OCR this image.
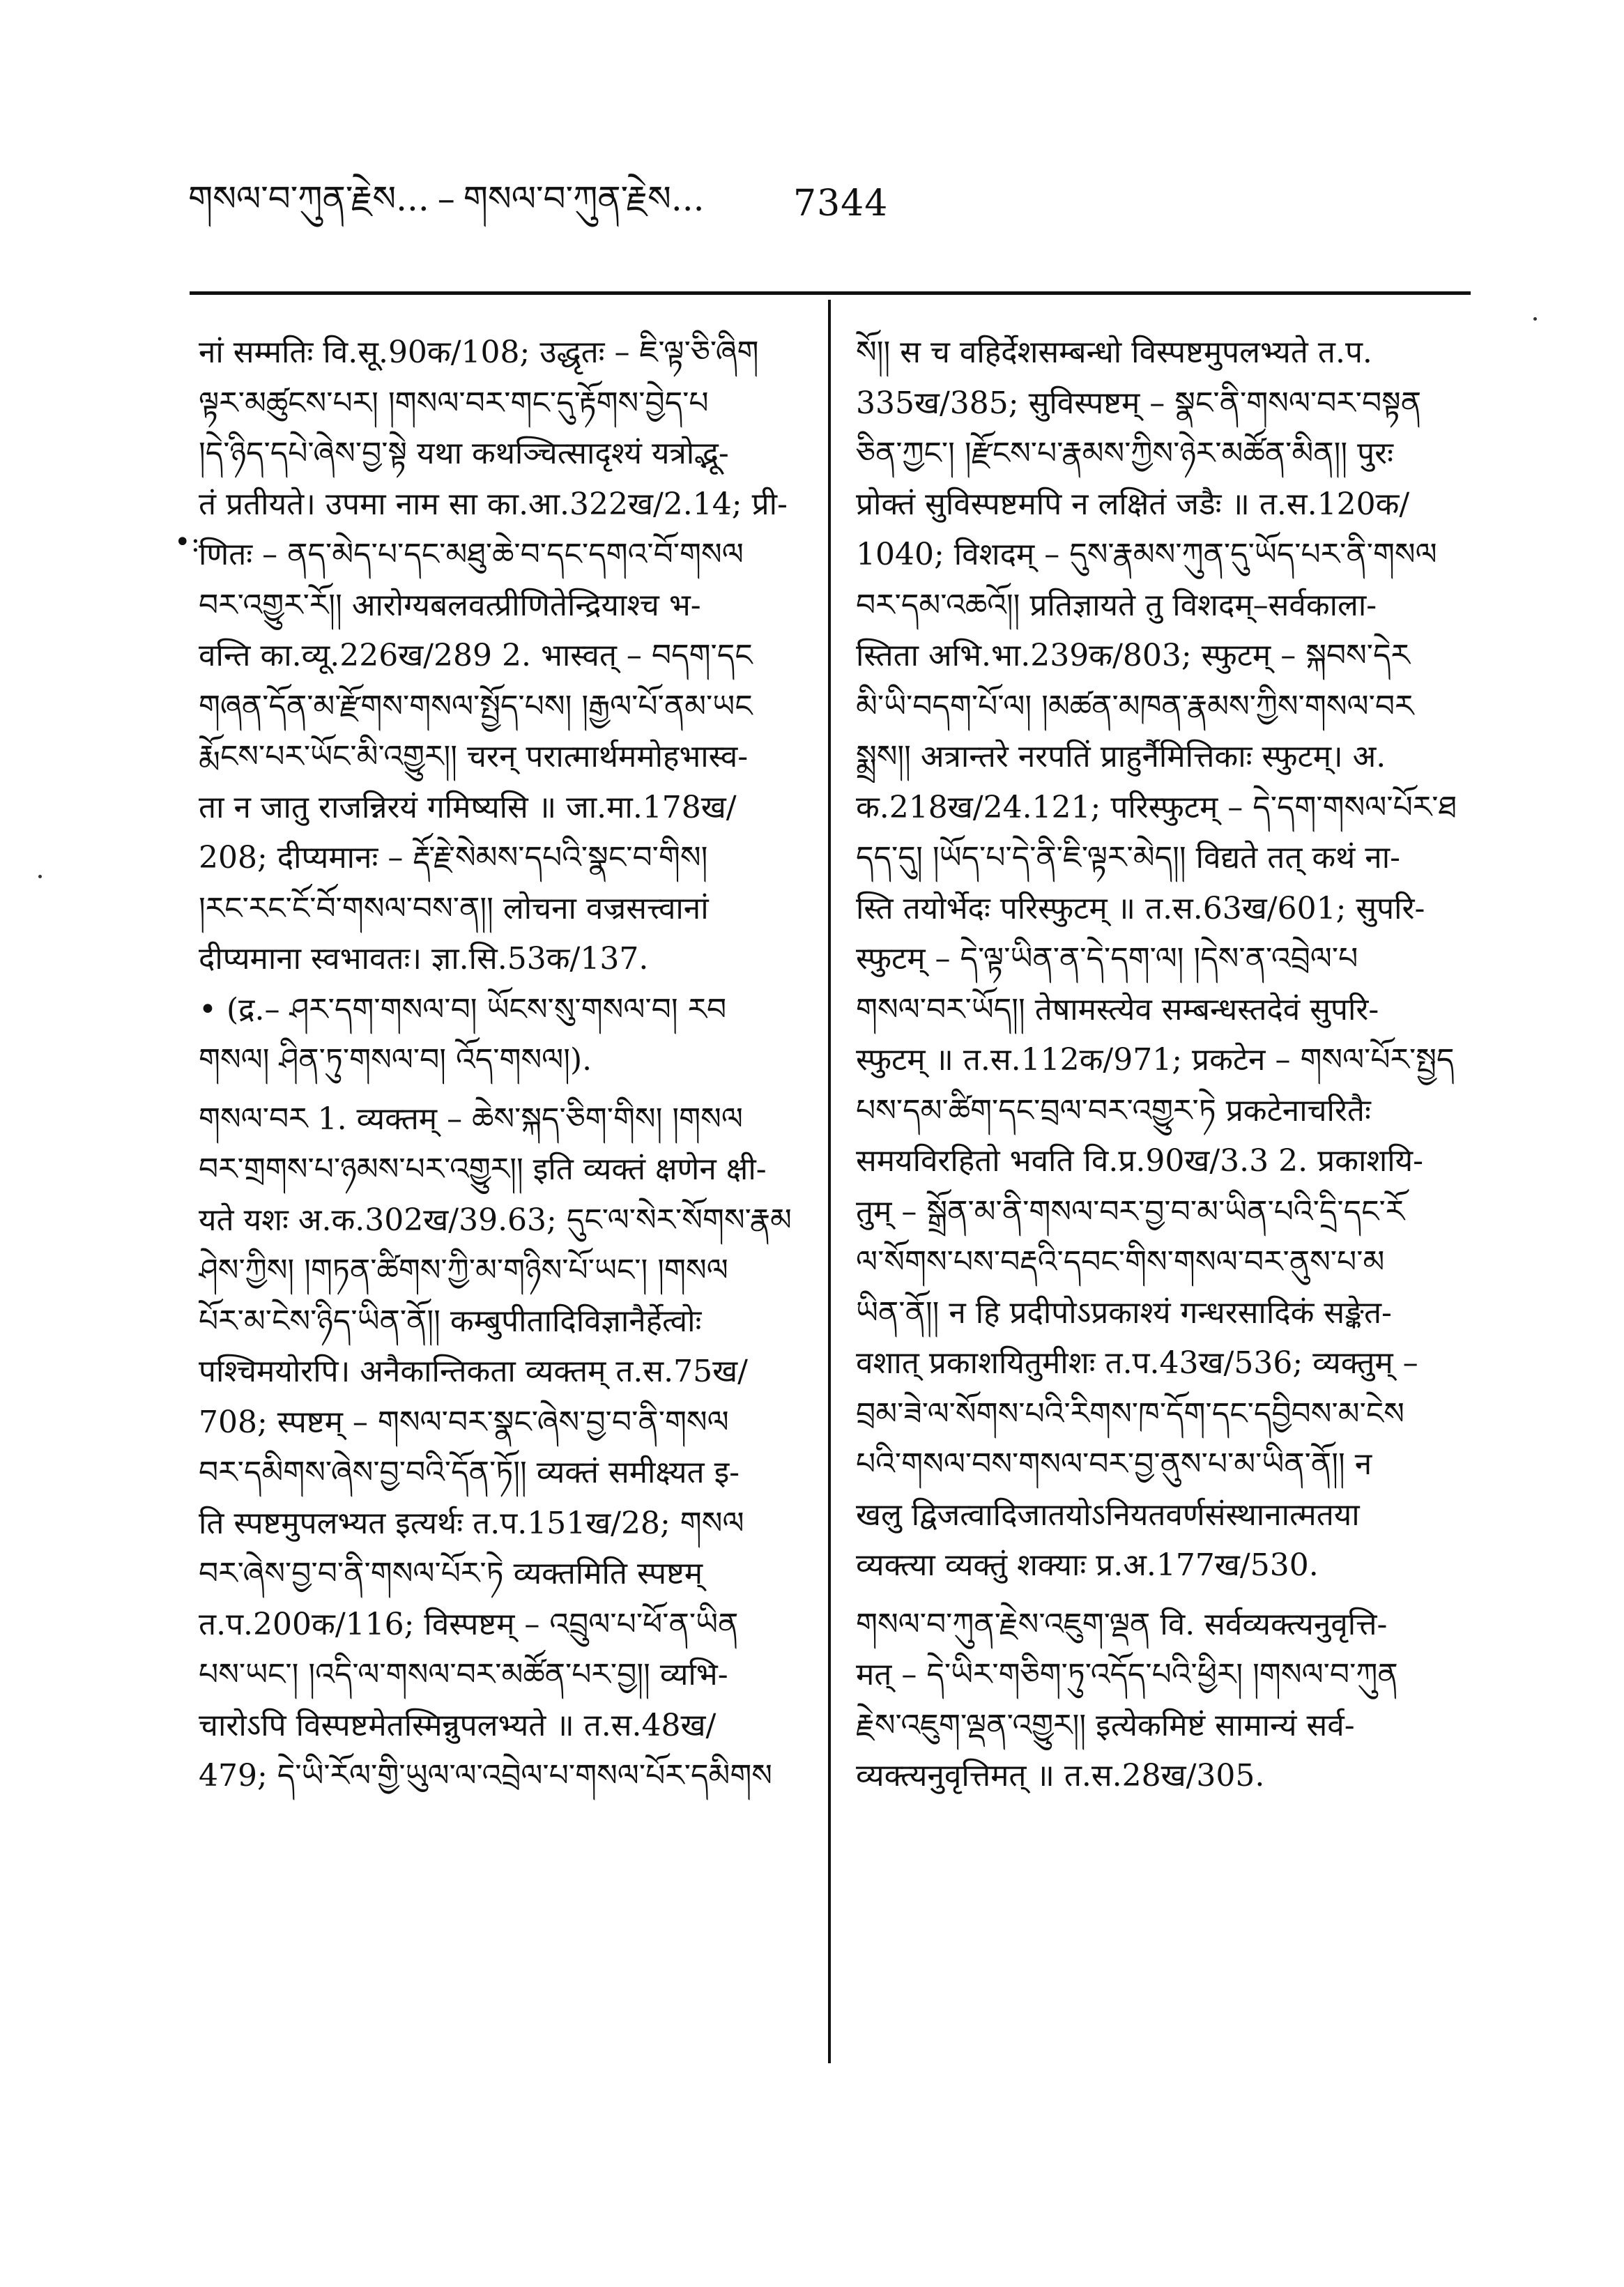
གསལ་བ་ཀུན་རྗེས... – གསལ་བ་ཀུན་རྗེས... 7344
•:
नां सम्मतिः वि.सू.90क/108; उद्धृतः – ཇི་ལྟ་ཅི་ཞིག
ལྟར་མཚུངས་པར། །གསལ་བར་གང་དུ་རྟོགས་བྱེད་པ
།དེ་ཉིད་དཔེ་ཞེས་བྱ་སྟེ यथा कथञ्चित्सादृश्यं यत्रोद्भू-
तं प्रतीयते। उपमा नाम सा का.आ.322ख/2.14; प्री-
णितः – ནད་མེད་པ་དང་མཐུ་ཆེ་བ་དང་དགའ་བོ་གསལ
བར་འགྱུར་རོ།། आरोग्यबलवत्प्रीणितेन्द्रियाश्च भ-
वन्ति का.व्यू.226ख/289 2. भास्वत् – བདག་དང
གཞན་དོན་མ་རྫོགས་གསལ་སྤྱོད་པས། །རྒྱལ་པོ་ནམ་ཡང
རྨོངས་པར་ཡོང་མི་འགྱུར།། चरन् परात्मार्थममोहभास्व-
ता न जातु राजन्निरयं गमिष्यसि ॥ जा.मा.178ख/
208; दीप्यमानः – རྡོ་རྗེ་སེམས་དཔའི་སྣང་བ་གིས།
།རང་རང་ངོ་བོ་གསལ་བས་ན།། लोचना वज्रसत्त्वानां
दीप्यमाना स्वभावतः। ज्ञा.सि.53क/137.
• (द्र.– ཤར་དག་གསལ་བ། ཡོངས་སུ་གསལ་བ། རབ
གསལ། ཤིན་ཏུ་གསལ་བ། འོད་གསལ།).
གསལ་བར 1. व्यक्तम् – ཆེས་སྐད་ཅིག་གིས། །གསལ
བར་གྲགས་པ་ཉམས་པར་འགྱུར།། इति व्यक्तं क्षणेन क्षी-
यते यशः अ.क.302ख/39.63; དུང་ལ་སེར་སོགས་རྣམ
ཤེས་ཀྱིས། །གཏན་ཚིགས་ཀྱི་མ་གཉིས་པོ་ཡང་། །གསལ
པོར་མ་ངེས་ཉིད་ཡིན་ནོ།། कम्बुपीतादिविज्ञानैर्हेत्वोः
पश्चिमयोरपि। अनैकान्तिकता व्यक्तम् त.स.75ख/
708; स्पष्टम् – གསལ་བར་སྣང་ཞེས་བྱ་བ་ནི་གསལ
བར་དམིགས་ཞེས་བྱ་བའི་དོན་ཏོ།། व्यक्तं समीक्ष्यत इ-
ति स्पष्टमुपलभ्यत इत्यर्थः त.प.151ख/28; གསལ
བར་ཞེས་བྱ་བ་ནི་གསལ་པོར་ཏེ व्यक्तमिति स्पष्टम्
त.प.200क/116; विस्पष्टम् – འབྲུལ་པ་ཕོ་ན་ཡིན
པས་ཡང་། །འདི་ལ་གསལ་བར་མཚོན་པར་བྱ།། व्यभि-
चारोऽपि विस्पष्टमेतस्मिन्नुपलभ्यते ॥ त.स.48ख/
479; དེ་ཡི་རོལ་གྱི་ཡུལ་ལ་འབྲེལ་པ་གསལ་པོར་དམིགས
སོ།། स च वहिर्देशसम्बन्धो विस्पष्टमुपलभ्यते त.प.
335ख/385; सुविस्पष्टम् – སྣང་ནི་གསལ་བར་བསྟན
ཅིན་ཀྱང་། །རྫོངས་པ་རྣམས་ཀྱིས་ཉེར་མཚོན་མིན།། पुरः
प्रोक्तं सुविस्पष्टमपि न लक्षितं जडैः ॥ त.स.120क/
1040; विशदम् – དུས་རྣམས་ཀུན་དུ་ཡོད་པར་ནི་གསལ
བར་དམ་འཆའོ།། प्रतिज्ञायते तु विशदम्–सर्वकाला-
स्तिता अभि.भा.239क/803; स्फुटम् – སྐབས་དེར
མི་ཡི་བདག་པོ་ལ། །མཚན་མཁན་རྣམས་ཀྱིས་གསལ་བར
སྨྲས།། अत्रान्तरे नरपतिं प्राहुर्नैमित्तिकाः स्फुटम्। अ.
क.218ख/24.121; परिस्फुटम् – དེ་དག་གསལ་པོར་ཐ
དད་དུ། །ཡོད་པ་དེ་ནི་ཇི་ལྟར་མེད།། विद्यते तत् कथं ना-
स्ति तयोर्भेदः परिस्फुटम् ॥ त.स.63ख/601; सुपरि-
स्फुटम् – དེ་ལྟ་ཡིན་ན་དེ་དག་ལ། །དེས་ན་འབྲེལ་པ
གསལ་བར་ཡོད།། तेषामस्त्येव सम्बन्धस्तदेवं सुपरि-
स्फुटम् ॥ त.स.112क/971; प्रकटेन – གསལ་པོར་སྤྱད
པས་དམ་ཚིག་དང་བྲལ་བར་འགྱུར་ཏེ प्रकटेनाचरितैः
समयविरहितो भवति वि.प्र.90ख/3.3 2. प्रकाशयि-
तुम् – སྒྲོན་མ་ནི་གསལ་བར་བྱ་བ་མ་ཡིན་པའི་དྲི་དང་རོ
ལ་སོགས་པས་བརྡའི་དབང་གིས་གསལ་བར་ནུས་པ་མ
ཡིན་ནོ།། न हि प्रदीपोऽप्रकाश्यं गन्धरसादिकं सङ्केत-
वशात् प्रकाशयितुमीशः त.प.43ख/536; व्यक्तुम् –
བྲམ་ཟེ་ལ་སོགས་པའི་རིགས་ཁ་དོག་དང་དབྱིབས་མ་ངེས
པའི་གསལ་བས་གསལ་བར་བྱ་ནུས་པ་མ་ཡིན་ནོ།། न
खलु द्विजत्वादिजातयोऽनियतवर्णसंस्थानात्मतया
व्यक्त्या व्यक्तुं शक्याः प्र.अ.177ख/530.
གསལ་བ་ཀུན་རྗེས་འཇུག་ལྡན वि. सर्वव्यक्त्यनुवृत्ति-
मत् – དེ་ཡིར་གཅིག་ཏུ་འདོད་པའི་ཕྱིར། །གསལ་བ་ཀུན
རྗེས་འཇུག་ལྡན་འགྱུར།། इत्येकमिष्टं सामान्यं सर्व-
व्यक्त्यनुवृत्तिमत् ॥ त.स.28ख/305.
